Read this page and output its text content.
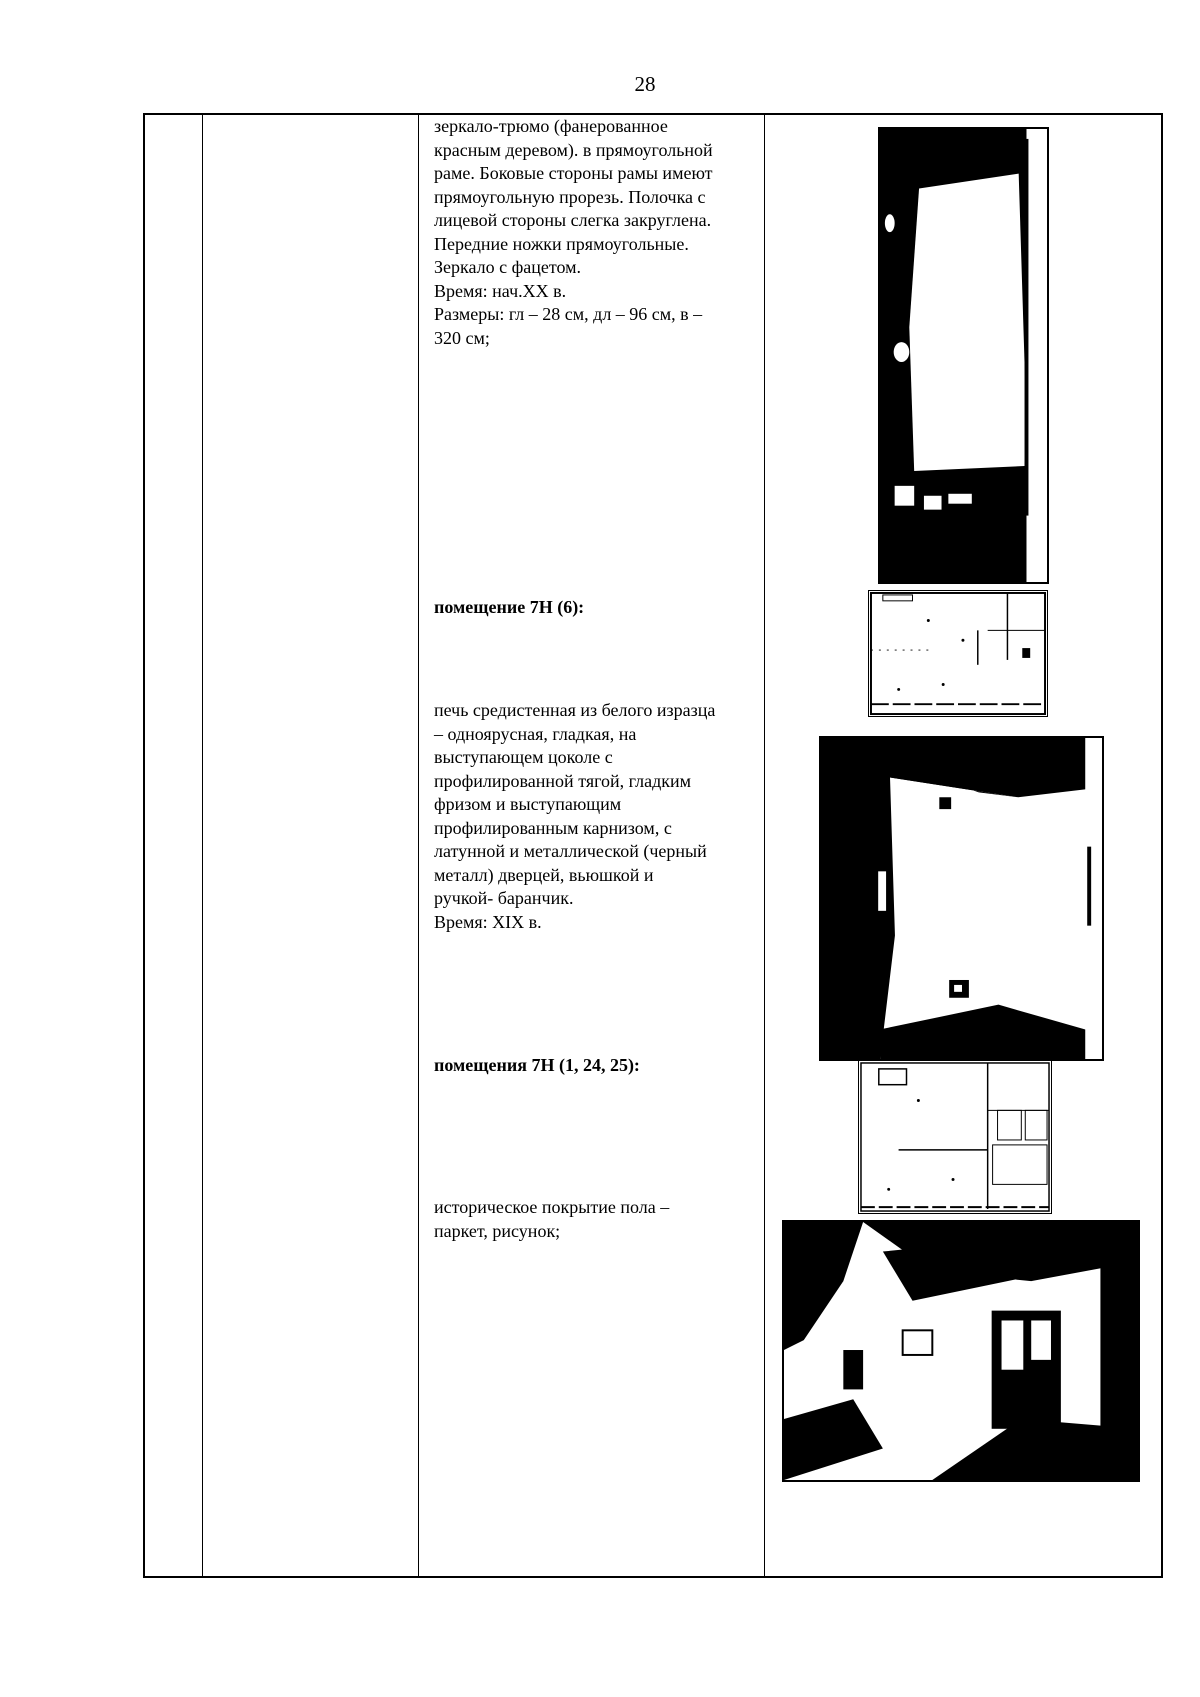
28
зеркало-трюмо (фанерованное
красным деревом). в прямоугольной
раме. Боковые стороны рамы имеют
прямоугольную прорезь. Полочка с
лицевой стороны слегка закруглена.
Передние ножки прямоугольные.
Зеркало с фацетом.
Время: нач.XX в.
Размеры: гл – 28 см, дл – 96 см, в –
320 см;
помещение 7Н (6):
печь средистенная из белого изразца
– одноярусная, гладкая, на
выступающем цоколе с
профилированной тягой, гладким
фризом и выступающим
профилированным карнизом, с
латунной и металлической (черный
металл) дверцей, вьюшкой и
ручкой- баранчик.
Время: XIX в.
помещения 7Н (1, 24, 25):
историческое покрытие пола –
паркет, рисунок;
